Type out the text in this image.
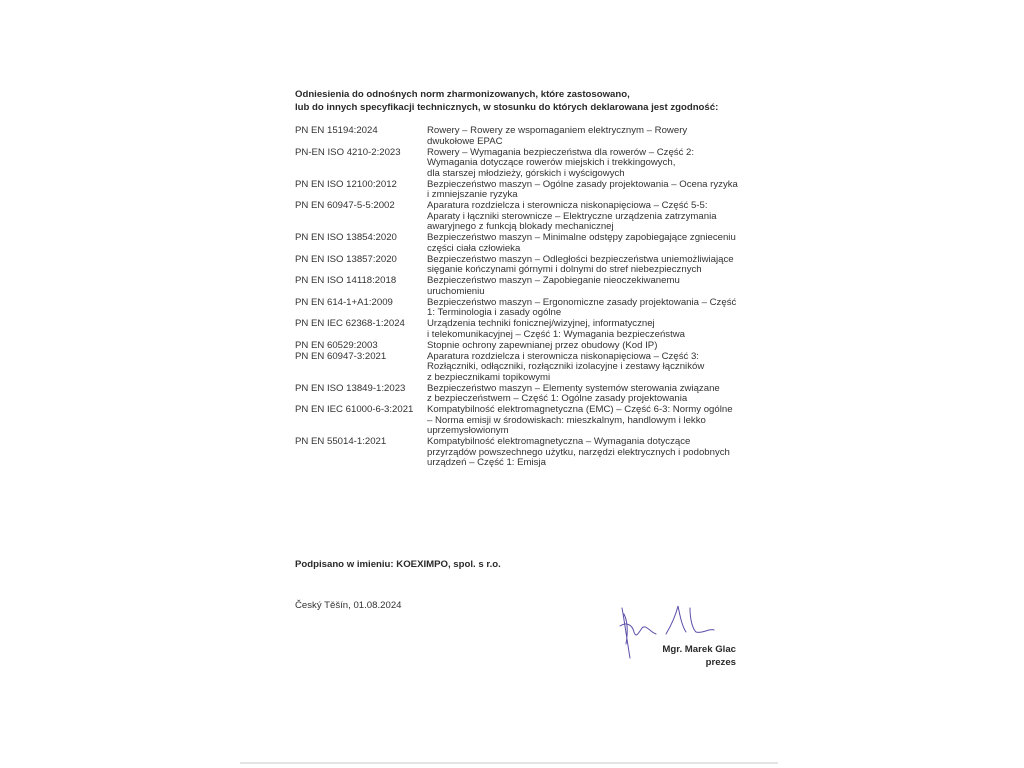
Odniesienia do odnośnych norm zharmonizowanych, które zastosowano,
lub do innych specyfikacji technicznych, w stosunku do których deklarowana jest zgodność:
PN EN 15194:2024	Rowery – Rowery ze wspomaganiem elektrycznym – Rowery
dwukołowe EPAC
PN-EN ISO 4210-2:2023	Rowery – Wymagania bezpieczeństwa dla rowerów – Część 2:
Wymagania dotyczące rowerów miejskich i trekkingowych,
dla starszej młodzieży, górskich i wyścigowych
PN EN ISO 12100:2012	Bezpieczeństwo maszyn – Ogólne zasady projektowania – Ocena ryzyka
i zmniejszanie ryzyka
PN EN 60947-5-5:2002	Aparatura rozdzielcza i sterownicza niskonapięciowa – Część 5-5:
Aparaty i łączniki sterownicze – Elektryczne urządzenia zatrzymania
awaryjnego z funkcją blokady mechanicznej
PN EN ISO 13854:2020	Bezpieczeństwo maszyn – Minimalne odstępy zapobiegające zgnieceniu
części ciała człowieka
PN EN ISO 13857:2020	Bezpieczeństwo maszyn – Odległości bezpieczeństwa uniemożliwiające
sięganie kończynami górnymi i dolnymi do stref niebezpiecznych
PN EN ISO 14118:2018	Bezpieczeństwo maszyn – Zapobieganie nieoczekiwanemu
uruchomieniu
PN EN 614-1+A1:2009	Bezpieczeństwo maszyn – Ergonomiczne zasady projektowania – Część
1: Terminologia i zasady ogólne
PN EN IEC 62368-1:2024	Urządzenia techniki fonicznej/wizyjnej, informatycznej
i telekomunikacyjnej – Część 1: Wymagania bezpieczeństwa
PN EN 60529:2003	Stopnie ochrony zapewnianej przez obudowy (Kod IP)
PN EN 60947-3:2021	Aparatura rozdzielcza i sterownicza niskonapięciowa – Część 3:
Rozłączniki, odłączniki, rozłączniki izolacyjne i zestawy łączników
z bezpiecznikami topikowymi
PN EN ISO 13849-1:2023	Bezpieczeństwo maszyn – Elementy systemów sterowania związane
z bezpieczeństwem – Część 1: Ogólne zasady projektowania
PN EN IEC 61000-6-3:2021	Kompatybilność elektromagnetyczna (EMC) – Część 6-3: Normy ogólne
– Norma emisji w środowiskach: mieszkalnym, handlowym i lekko
uprzemysłowionym
PN EN 55014-1:2021	Kompatybilność elektromagnetyczna – Wymagania dotyczące
przyrządów powszechnego użytku, narzędzi elektrycznych i podobnych
urządzeń – Część 1: Emisja
Podpisano w imieniu: KOEXIMPO, spol. s r.o.
Český Těšín, 01.08.2024
Mgr. Marek Glac
prezes
